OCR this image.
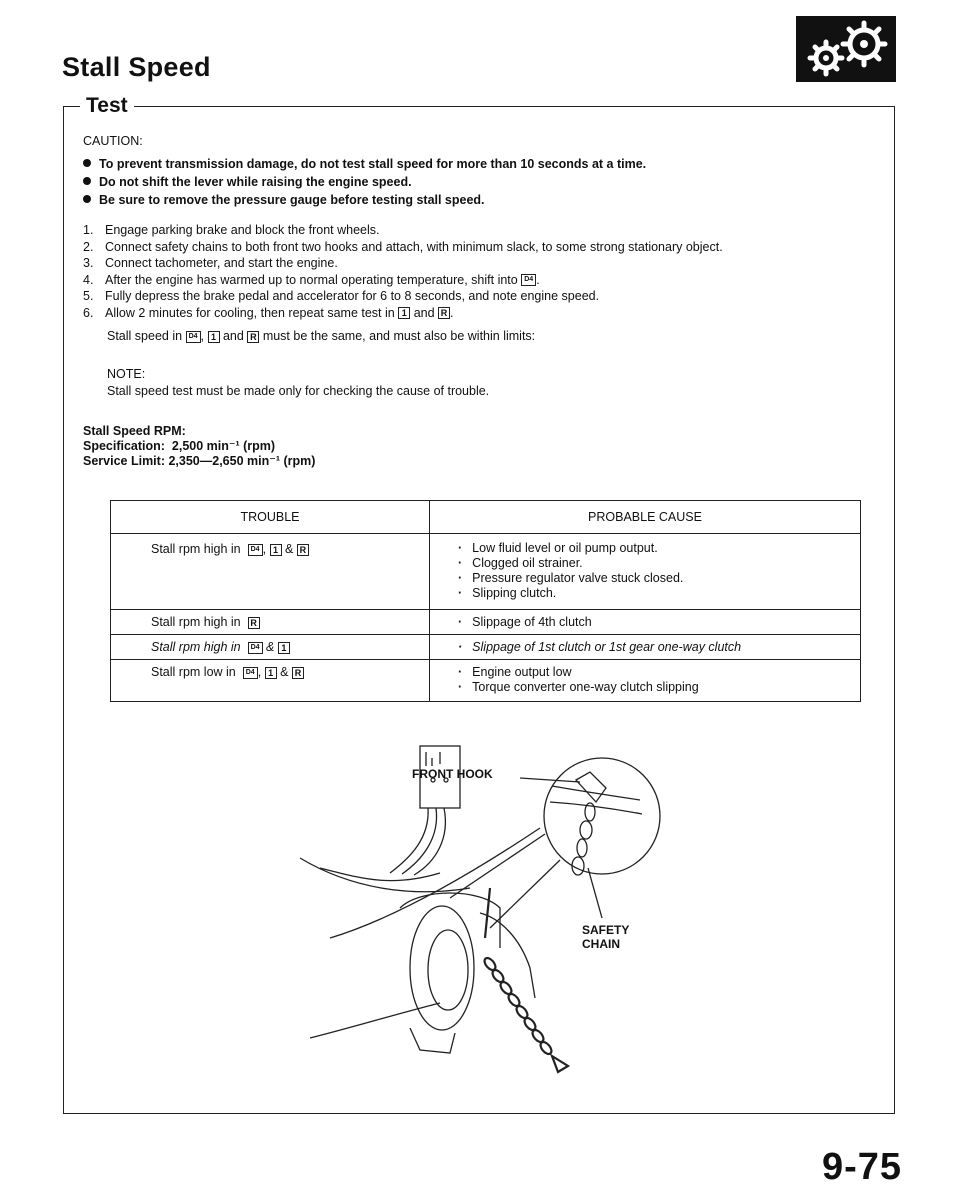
Stall Speed
Test
CAUTION:
To prevent transmission damage, do not test stall speed for more than 10 seconds at a time.
Do not shift the lever while raising the engine speed.
Be sure to remove the pressure gauge before testing stall speed.
1. Engage parking brake and block the front wheels.
2. Connect safety chains to both front two hooks and attach, with minimum slack, to some strong stationary object.
3. Connect tachometer, and start the engine.
4. After the engine has warmed up to normal operating temperature, shift into D4 .
5. Fully depress the brake pedal and accelerator for 6 to 8 seconds, and note engine speed.
6. Allow 2 minutes for cooling, then repeat same test in 1 and R .
Stall speed in D4 , 1 and R must be the same, and must also be within limits:
NOTE:
Stall speed test must be made only for checking the cause of trouble.
Stall Speed RPM:
Specification: 2,500 min⁻¹ (rpm)
Service Limit: 2,350—2,650 min⁻¹ (rpm)
TROUBLE	PROBABLE CAUSE
Stall rpm high in D4 , 1 & R	· Low fluid level or oil pump output.
· Clogged oil strainer.
· Pressure regulator valve stuck closed.
· Slipping clutch.

Stall rpm high in R	· Slippage of 4th clutch

Stall rpm high in D4 & 1	· Slippage of 1st clutch or 1st gear one-way clutch

Stall rpm low in D4 , 1 & R	· Engine output low
· Torque converter one-way clutch slipping
FRONT HOOK
SAFETY
CHAIN
9-75
